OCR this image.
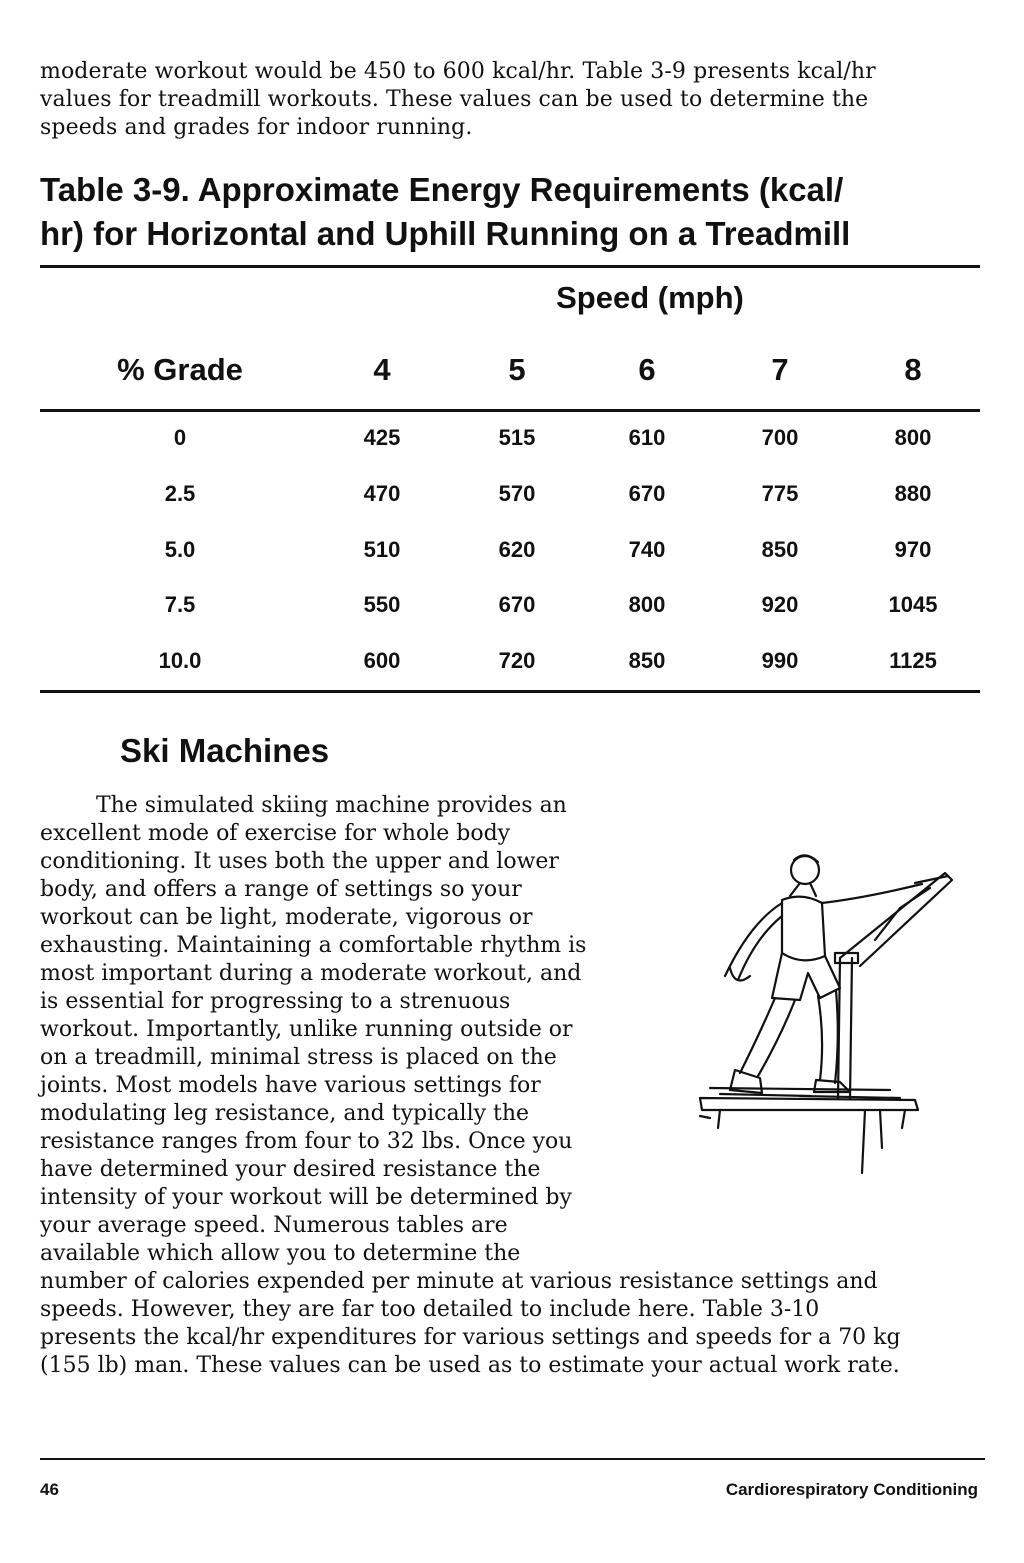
moderate workout would be 450 to 600 kcal/hr. Table 3-9 presents kcal/hr
values for treadmill workouts. These values can be used to determine the
speeds and grades for indoor running.
Table 3-9. Approximate Energy Requirements (kcal/
hr) for Horizontal and Uphill Running on a Treadmill
Speed (mph)
% Grade	4	5	6	7	8
0	425	515	610	700	800
2.5	470	570	670	775	880
5.0	510	620	740	850	970
7.5	550	670	800	920	1045
10.0	600	720	850	990	1125
Ski Machines
The simulated skiing machine provides an
excellent mode of exercise for whole body
conditioning. It uses both the upper and lower
body, and offers a range of settings so your
workout can be light, moderate, vigorous or
exhausting. Maintaining a comfortable rhythm is
most important during a moderate workout, and
is essential for progressing to a strenuous
workout. Importantly, unlike running outside or
on a treadmill, minimal stress is placed on the
joints. Most models have various settings for
modulating leg resistance, and typically the
resistance ranges from four to 32 lbs. Once you
have determined your desired resistance the
intensity of your workout will be determined by
your average speed. Numerous tables are
available which allow you to determine the
number of calories expended per minute at various resistance settings and
speeds. However, they are far too detailed to include here. Table 3-10
presents the kcal/hr expenditures for various settings and speeds for a 70 kg
(155 lb) man. These values can be used as to estimate your actual work rate.
46	Cardiorespiratory Conditioning
